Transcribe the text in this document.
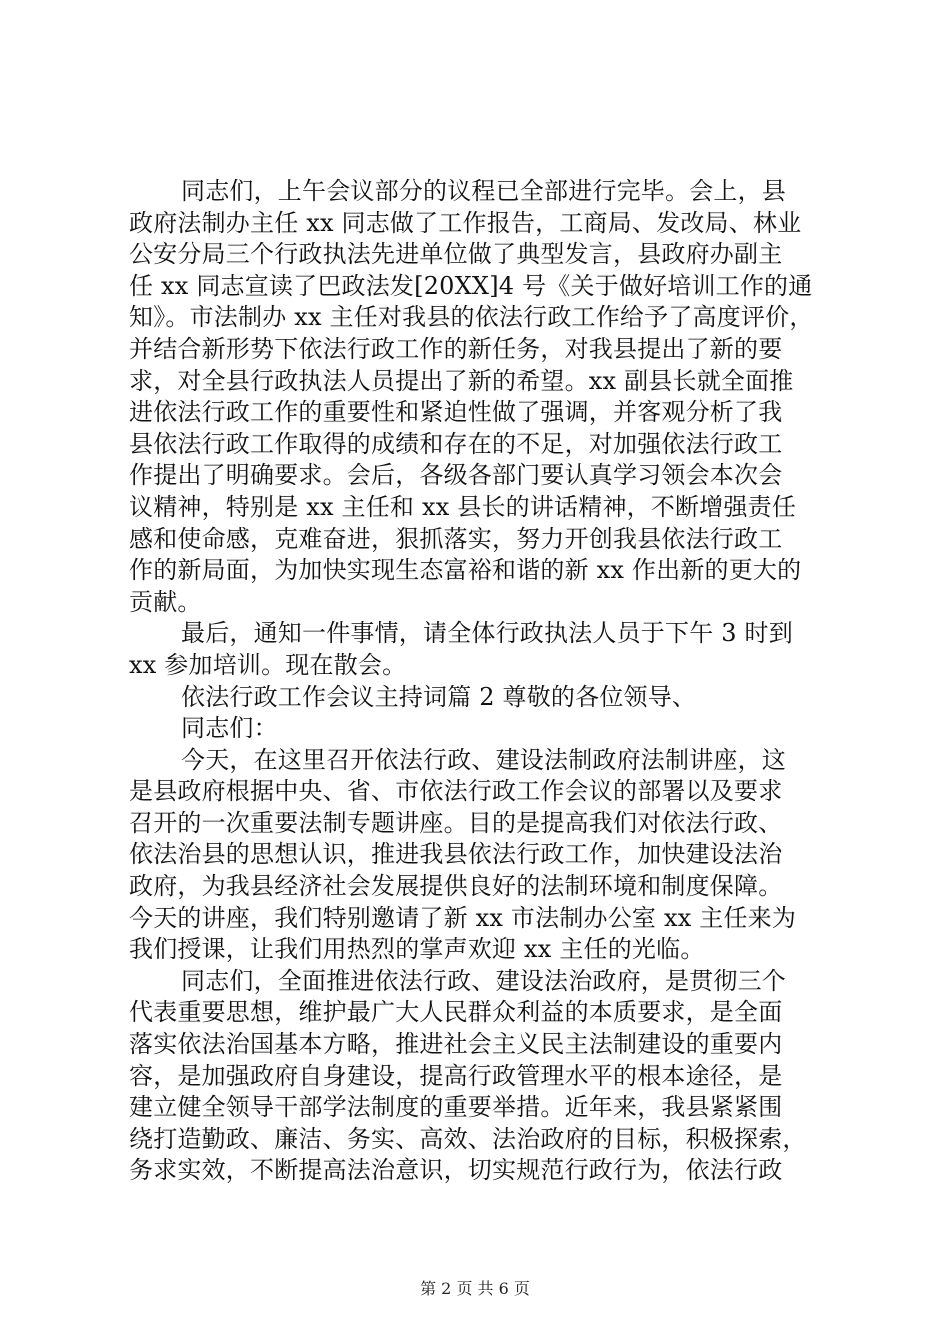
同志们，上午会议部分的议程已全部进行完毕。会上，县
政府法制办主任 xx 同志做了工作报告，工商局、发改局、林业
公安分局三个行政执法先进单位做了典型发言，县政府办副主
任 xx 同志宣读了巴政法发[20XX]4 号《关于做好培训工作的通
知》。市法制办 xx 主任对我县的依法行政工作给予了高度评价，
并结合新形势下依法行政工作的新任务，对我县提出了新的要
求，对全县行政执法人员提出了新的希望。xx 副县长就全面推
进依法行政工作的重要性和紧迫性做了强调，并客观分析了我
县依法行政工作取得的成绩和存在的不足，对加强依法行政工
作提出了明确要求。会后，各级各部门要认真学习领会本次会
议精神，特别是 xx 主任和 xx 县长的讲话精神，不断增强责任
感和使命感，克难奋进，狠抓落实，努力开创我县依法行政工
作的新局面，为加快实现生态富裕和谐的新 xx 作出新的更大的
贡献。
最后，通知一件事情，请全体行政执法人员于下午 3 时到
xx 参加培训。现在散会。
依法行政工作会议主持词篇 2 尊敬的各位领导、
同志们：
今天，在这里召开依法行政、建设法制政府法制讲座，这
是县政府根据中央、省、市依法行政工作会议的部署以及要求
召开的一次重要法制专题讲座。目的是提高我们对依法行政、
依法治县的思想认识，推进我县依法行政工作，加快建设法治
政府，为我县经济社会发展提供良好的法制环境和制度保障。
今天的讲座，我们特别邀请了新 xx 市法制办公室 xx 主任来为
我们授课，让我们用热烈的掌声欢迎 xx 主任的光临。
同志们，全面推进依法行政、建设法治政府，是贯彻三个
代表重要思想，维护最广大人民群众利益的本质要求，是全面
落实依法治国基本方略，推进社会主义民主法制建设的重要内
容，是加强政府自身建设，提高行政管理水平的根本途径，是
建立健全领导干部学法制度的重要举措。近年来，我县紧紧围
绕打造勤政、廉洁、务实、高效、法治政府的目标，积极探索，
务求实效，不断提高法治意识，切实规范行政行为，依法行政
第 2 页 共 6 页
